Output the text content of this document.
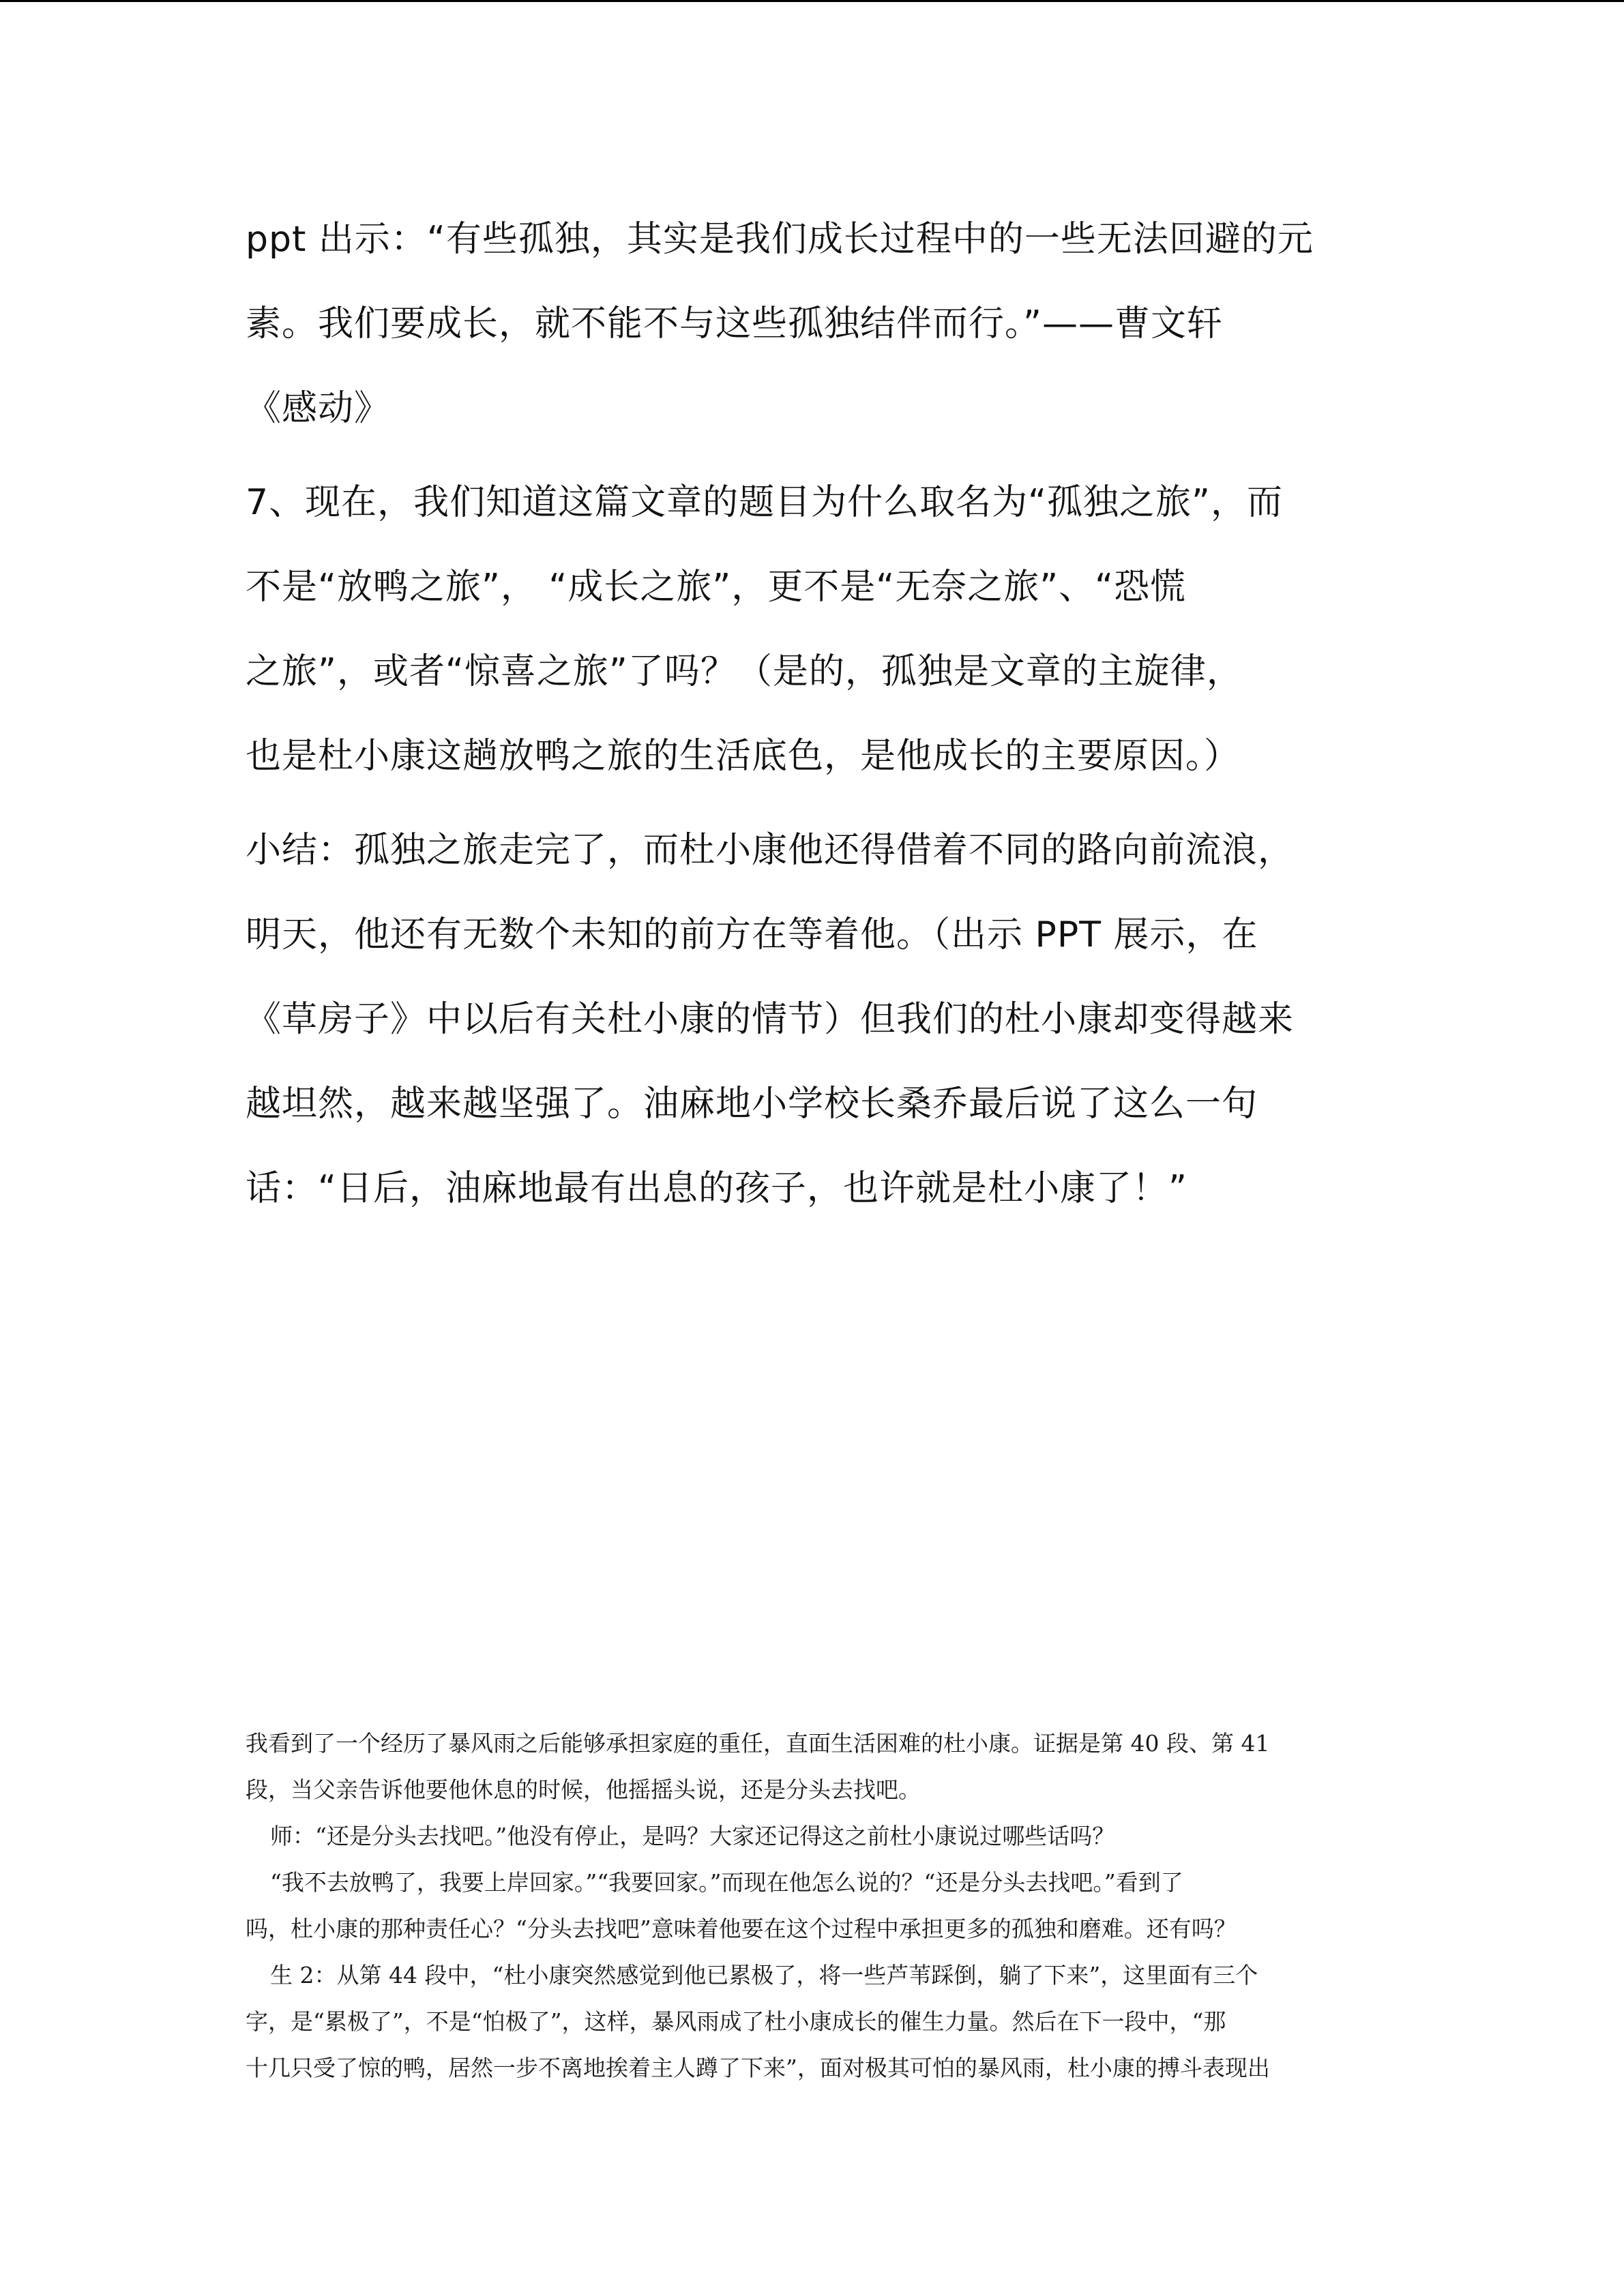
ppt 出示：“有些孤独，其实是我们成长过程中的一些无法回避的元

素。我们要成长，就不能不与这些孤独结伴而行。”——曹文轩

《感动》

7、现在，我们知道这篇文章的题目为什么取名为“孤独之旅”，而

不是“放鸭之旅”， “成长之旅”，更不是“无奈之旅”、“恐慌

之旅”，或者“惊喜之旅”了吗？（是的，孤独是文章的主旋律，

也是杜小康这趟放鸭之旅的生活底色，是他成长的主要原因。）

小结：孤独之旅走完了，而杜小康他还得借着不同的路向前流浪，

明天，他还有无数个未知的前方在等着他。（出示 PPT 展示，在

《草房子》中以后有关杜小康的情节）但我们的杜小康却变得越来

越坦然，越来越坚强了。油麻地小学校长桑乔最后说了这么一句

话：“日后，油麻地最有出息的孩子，也许就是杜小康了！”

我看到了一个经历了暴风雨之后能够承担家庭的重任，直面生活困难的杜小康。证据是第 40 段、第 41

段，当父亲告诉他要他休息的时候，他摇摇头说，还是分头去找吧。

师：“还是分头去找吧。”他没有停止，是吗？大家还记得这之前杜小康说过哪些话吗？

“我不去放鸭了，我要上岸回家。”“我要回家。”而现在他怎么说的？“还是分头去找吧。”看到了

吗，杜小康的那种责任心？“分头去找吧”意味着他要在这个过程中承担更多的孤独和磨难。还有吗？

生 2：从第 44 段中，“杜小康突然感觉到他已累极了，将一些芦苇踩倒，躺了下来”，这里面有三个

字，是“累极了”，不是“怕极了”，这样，暴风雨成了杜小康成长的催生力量。然后在下一段中，“那

十几只受了惊的鸭，居然一步不离地挨着主人蹲了下来”，面对极其可怕的暴风雨，杜小康的搏斗表现出
